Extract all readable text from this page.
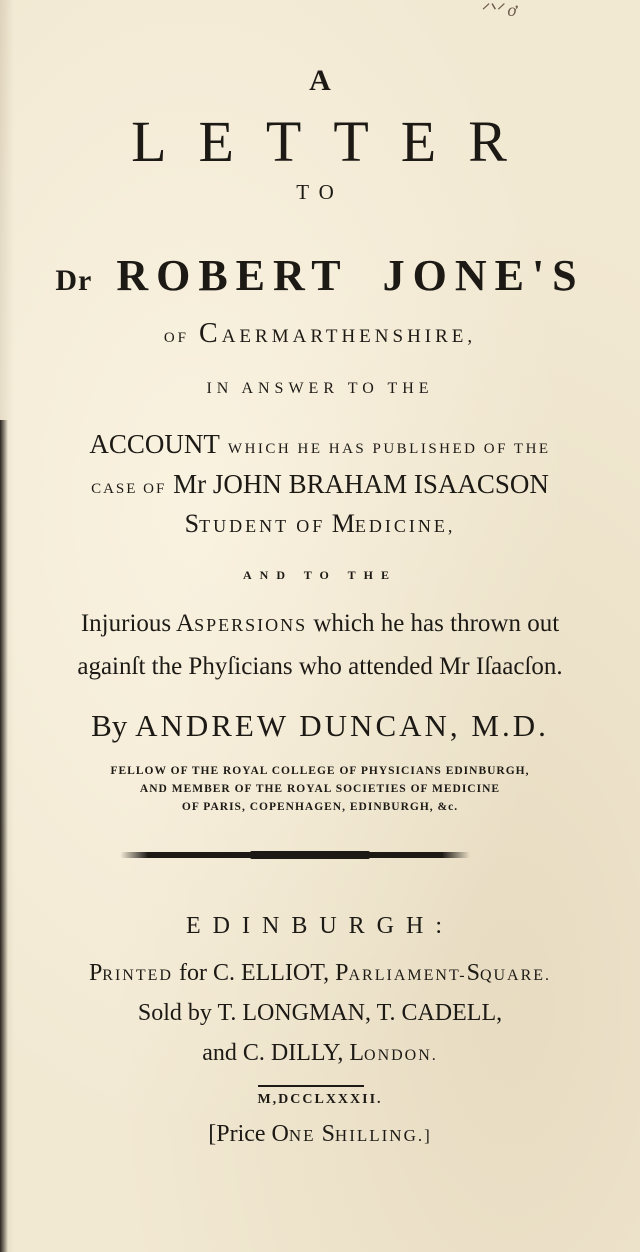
ᐟᐠᐟ ơ
A
LETTER
TO
Dr ROBERT JONE'S
OF CAERMARTHENSHIRE,
IN ANSWER TO THE
ACCOUNT WHICH HE HAS PUBLISHED OF THE
CASE OF Mr JOHN BRAHAM ISAACSON
STUDENT OF MEDICINE,
AND TO THE
Injurious ASPERSIONS which he has thrown out
againſt the Phyſicians who attended Mr Iſaacſon.
By ANDREW DUNCAN, M.D.
FELLOW OF THE ROYAL COLLEGE OF PHYSICIANS EDINBURGH,
AND MEMBER OF THE ROYAL SOCIETIES OF MEDICINE
OF PARIS, COPENHAGEN, EDINBURGH, &c.
EDINBURGH:
PRINTED for C. ELLIOT, PARLIAMENT-SQUARE.
Sold by T. LONGMAN, T. CADELL,
and C. DILLY, LONDON.
M,DCCLXXXII.
[Price ONE SHILLING.]
